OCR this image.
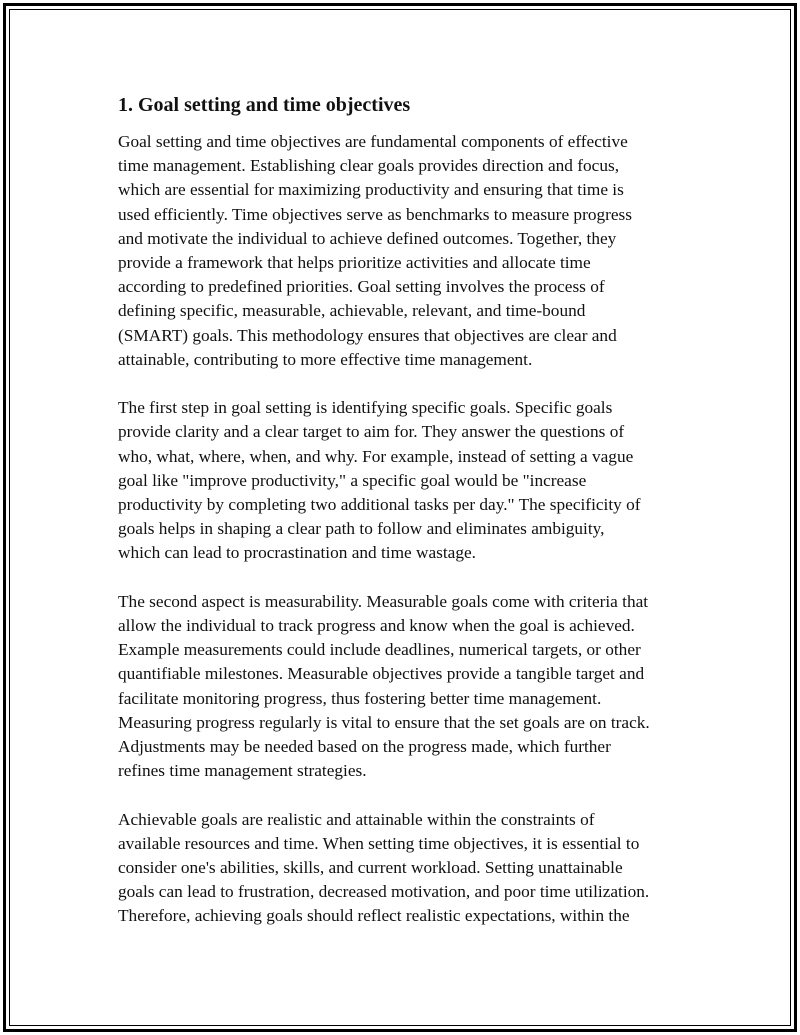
1. Goal setting and time objectives

Goal setting and time objectives are fundamental components of effective
time management. Establishing clear goals provides direction and focus,
which are essential for maximizing productivity and ensuring that time is
used efficiently. Time objectives serve as benchmarks to measure progress
and motivate the individual to achieve defined outcomes. Together, they
provide a framework that helps prioritize activities and allocate time
according to predefined priorities. Goal setting involves the process of
defining specific, measurable, achievable, relevant, and time-bound
(SMART) goals. This methodology ensures that objectives are clear and
attainable, contributing to more effective time management.

The first step in goal setting is identifying specific goals. Specific goals
provide clarity and a clear target to aim for. They answer the questions of
who, what, where, when, and why. For example, instead of setting a vague
goal like "improve productivity," a specific goal would be "increase
productivity by completing two additional tasks per day." The specificity of
goals helps in shaping a clear path to follow and eliminates ambiguity,
which can lead to procrastination and time wastage.

The second aspect is measurability. Measurable goals come with criteria that
allow the individual to track progress and know when the goal is achieved.
Example measurements could include deadlines, numerical targets, or other
quantifiable milestones. Measurable objectives provide a tangible target and
facilitate monitoring progress, thus fostering better time management.
Measuring progress regularly is vital to ensure that the set goals are on track.
Adjustments may be needed based on the progress made, which further
refines time management strategies.

Achievable goals are realistic and attainable within the constraints of
available resources and time. When setting time objectives, it is essential to
consider one's abilities, skills, and current workload. Setting unattainable
goals can lead to frustration, decreased motivation, and poor time utilization.
Therefore, achieving goals should reflect realistic expectations, within the
